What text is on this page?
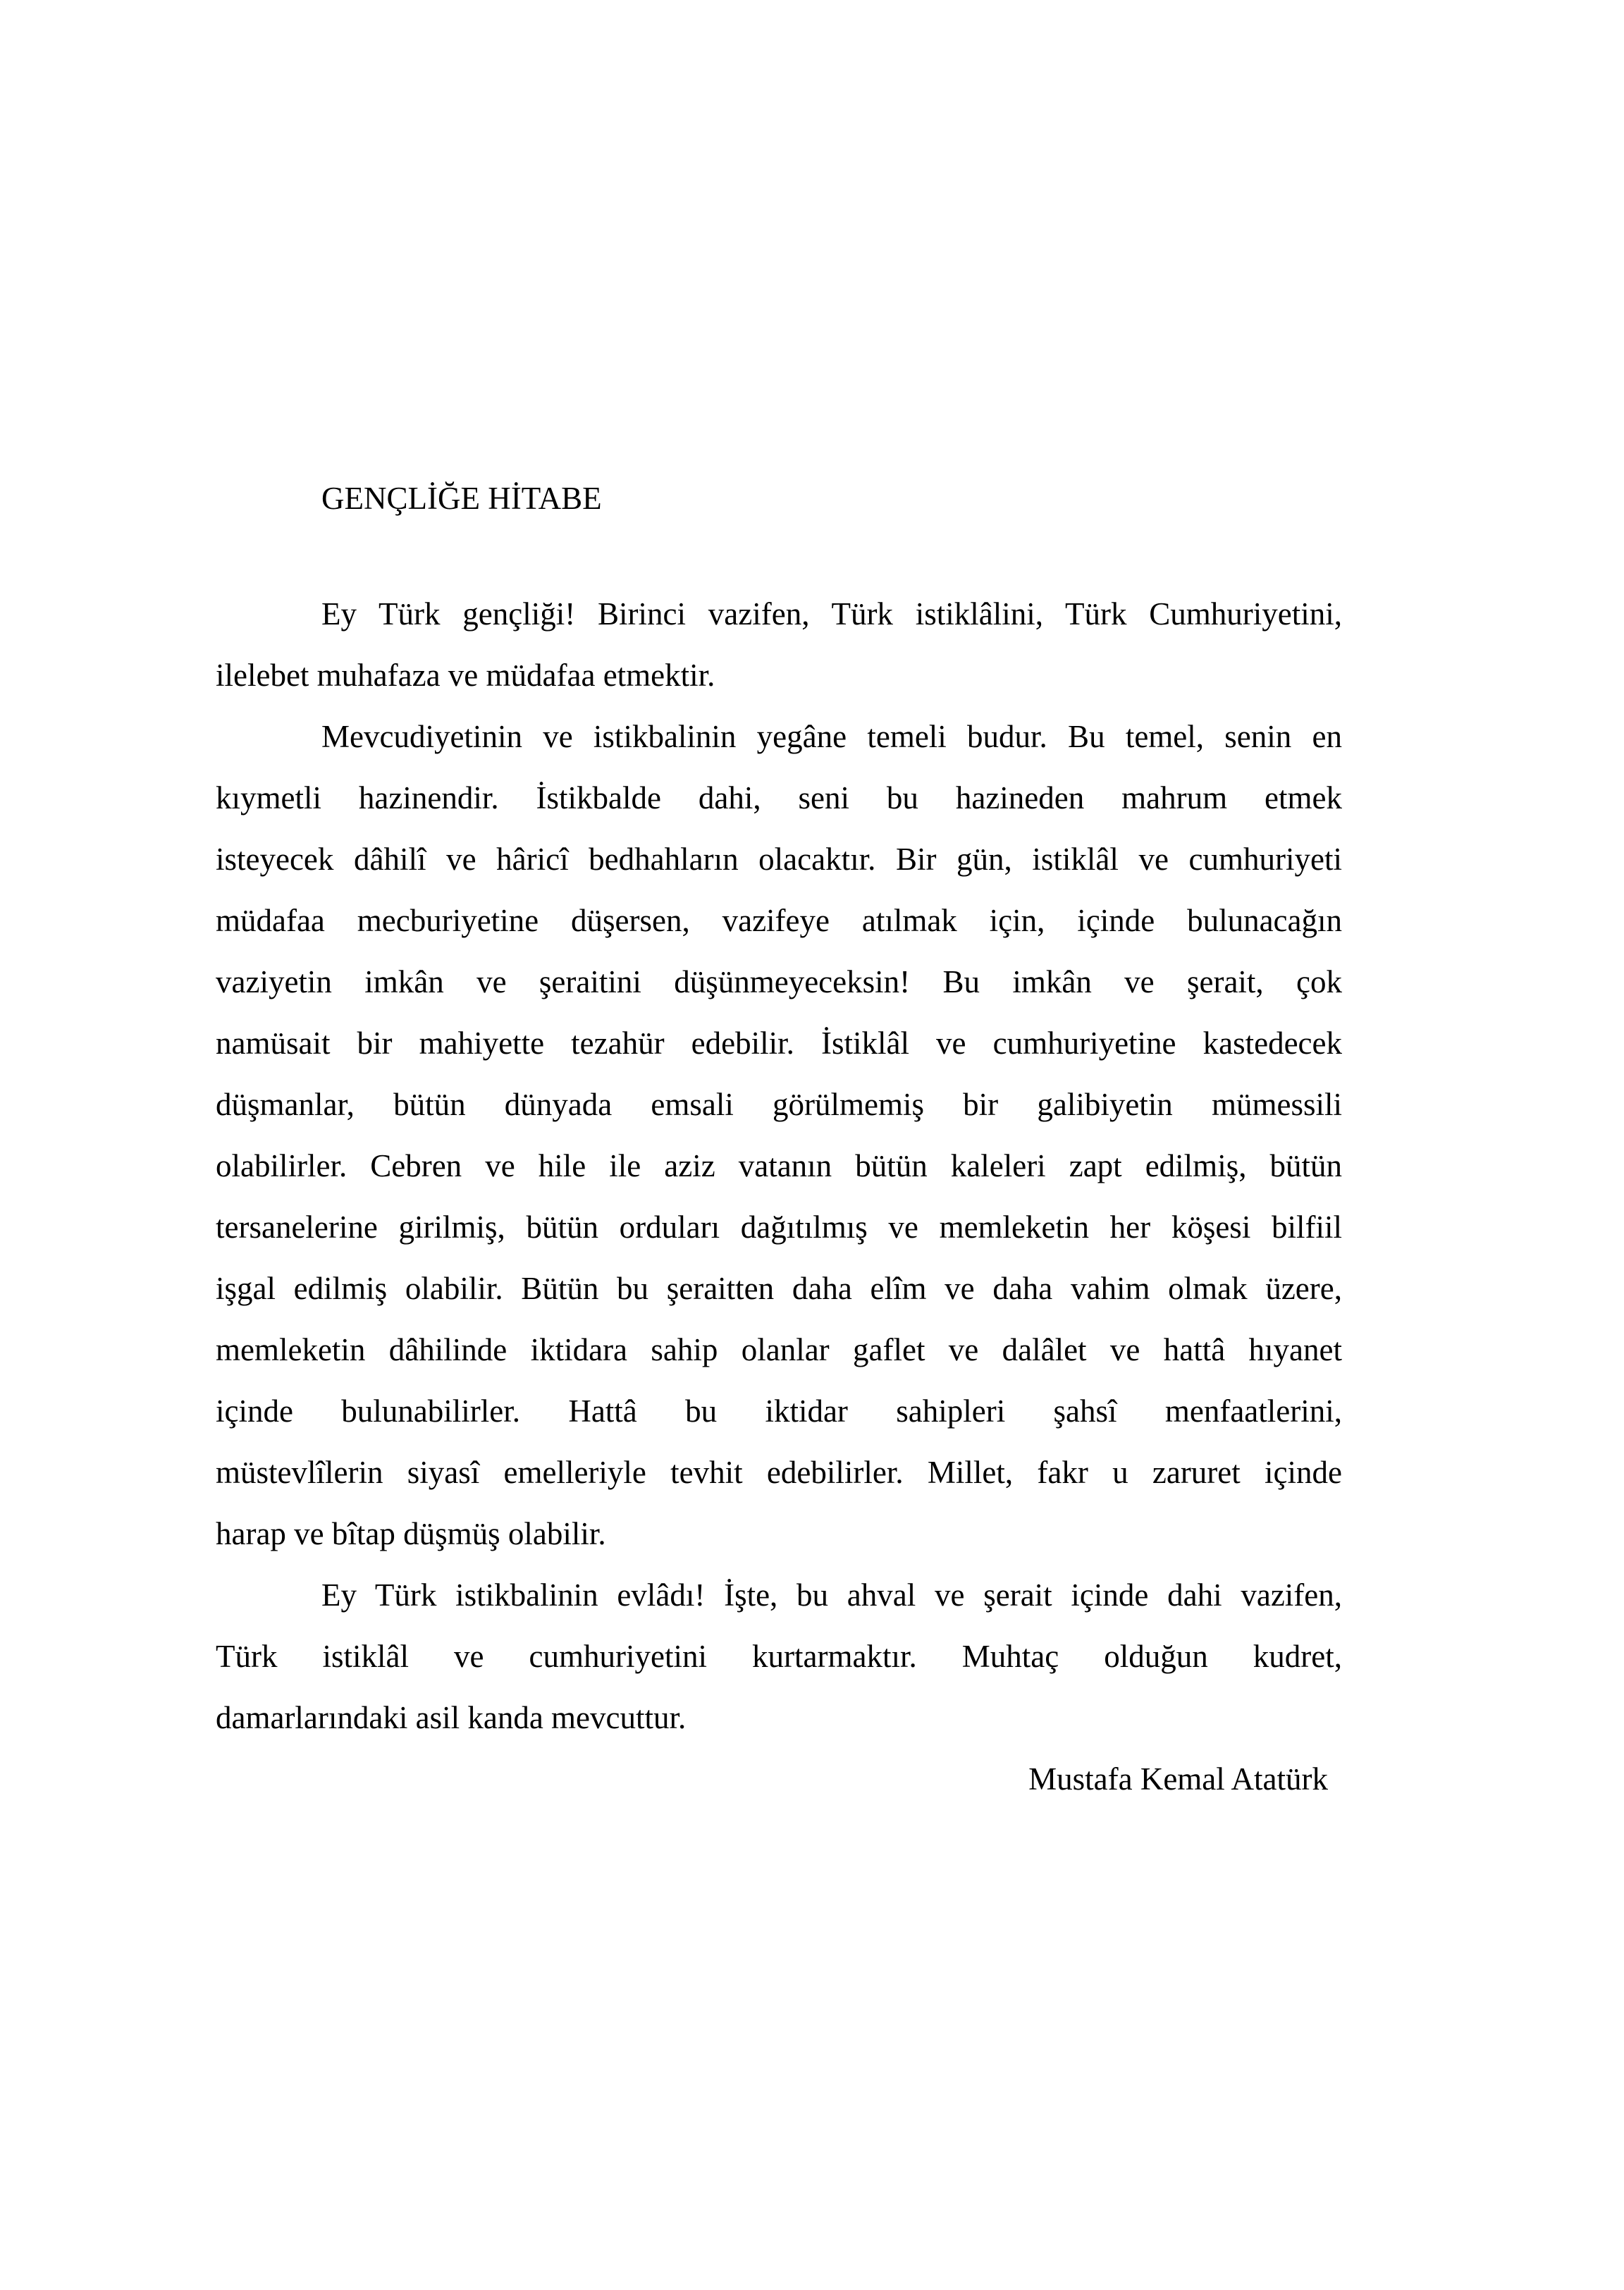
GENÇLİĞE HİTABE
Ey Türk gençliği! Birinci vazifen, Türk istiklâlini, Türk Cumhuriyetini,
ilelebet muhafaza ve müdafaa etmektir.
Mevcudiyetinin ve istikbalinin yegâne temeli budur. Bu temel, senin en
kıymetli hazinendir. İstikbalde dahi, seni bu hazineden mahrum etmek
isteyecek dâhilî ve hâricî bedhahların olacaktır. Bir gün, istiklâl ve cumhuriyeti
müdafaa mecburiyetine düşersen, vazifeye atılmak için, içinde bulunacağın
vaziyetin imkân ve şeraitini düşünmeyeceksin! Bu imkân ve şerait, çok
namüsait bir mahiyette tezahür edebilir. İstiklâl ve cumhuriyetine kastedecek
düşmanlar, bütün dünyada emsali görülmemiş bir galibiyetin mümessili
olabilirler. Cebren ve hile ile aziz vatanın bütün kaleleri zapt edilmiş, bütün
tersanelerine girilmiş, bütün orduları dağıtılmış ve memleketin her köşesi bilfiil
işgal edilmiş olabilir. Bütün bu şeraitten daha elîm ve daha vahim olmak üzere,
memleketin dâhilinde iktidara sahip olanlar gaflet ve dalâlet ve hattâ hıyanet
içinde bulunabilirler. Hattâ bu iktidar sahipleri şahsî menfaatlerini,
müstevlîlerin siyasî emelleriyle tevhit edebilirler. Millet, fakr u zaruret içinde
harap ve bîtap düşmüş olabilir.
Ey Türk istikbalinin evlâdı! İşte, bu ahval ve şerait içinde dahi vazifen,
Türk istiklâl ve cumhuriyetini kurtarmaktır. Muhtaç olduğun kudret,
damarlarındaki asil kanda mevcuttur.
Mustafa Kemal Atatürk
